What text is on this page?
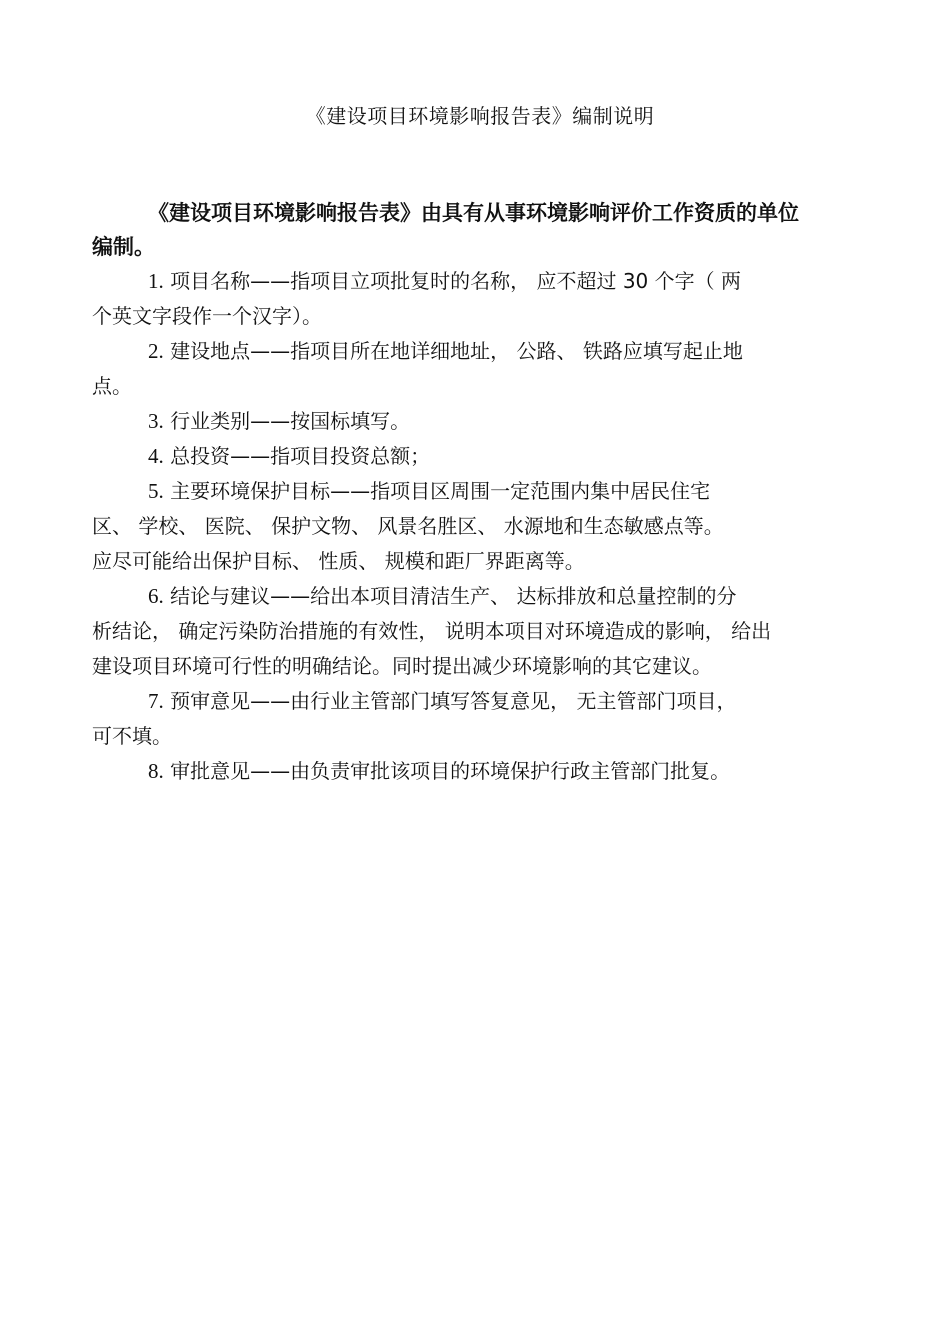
《建设项目环境影响报告表》编制说明

《建设项目环境影响报告表》由具有从事环境影响评价工作资质的单位
编制。

1. 项目名称——指项目立项批复时的名称， 应不超过 30 个字（ 两
个英文字段作一个汉字）。

2. 建设地点——指项目所在地详细地址， 公路、 铁路应填写起止地
点。

3. 行业类别——按国标填写。

4. 总投资——指项目投资总额；

5. 主要环境保护目标——指项目区周围一定范围内集中居民住宅
区、 学校、 医院、 保护文物、 风景名胜区、 水源地和生态敏感点等。
应尽可能给出保护目标、 性质、 规模和距厂界距离等。

6. 结论与建议——给出本项目清洁生产、 达标排放和总量控制的分
析结论， 确定污染防治措施的有效性， 说明本项目对环境造成的影响， 给出
建设项目环境可行性的明确结论。同时提出减少环境影响的其它建议。

7. 预审意见——由行业主管部门填写答复意见， 无主管部门项目，
可不填。

8. 审批意见——由负责审批该项目的环境保护行政主管部门批复。
